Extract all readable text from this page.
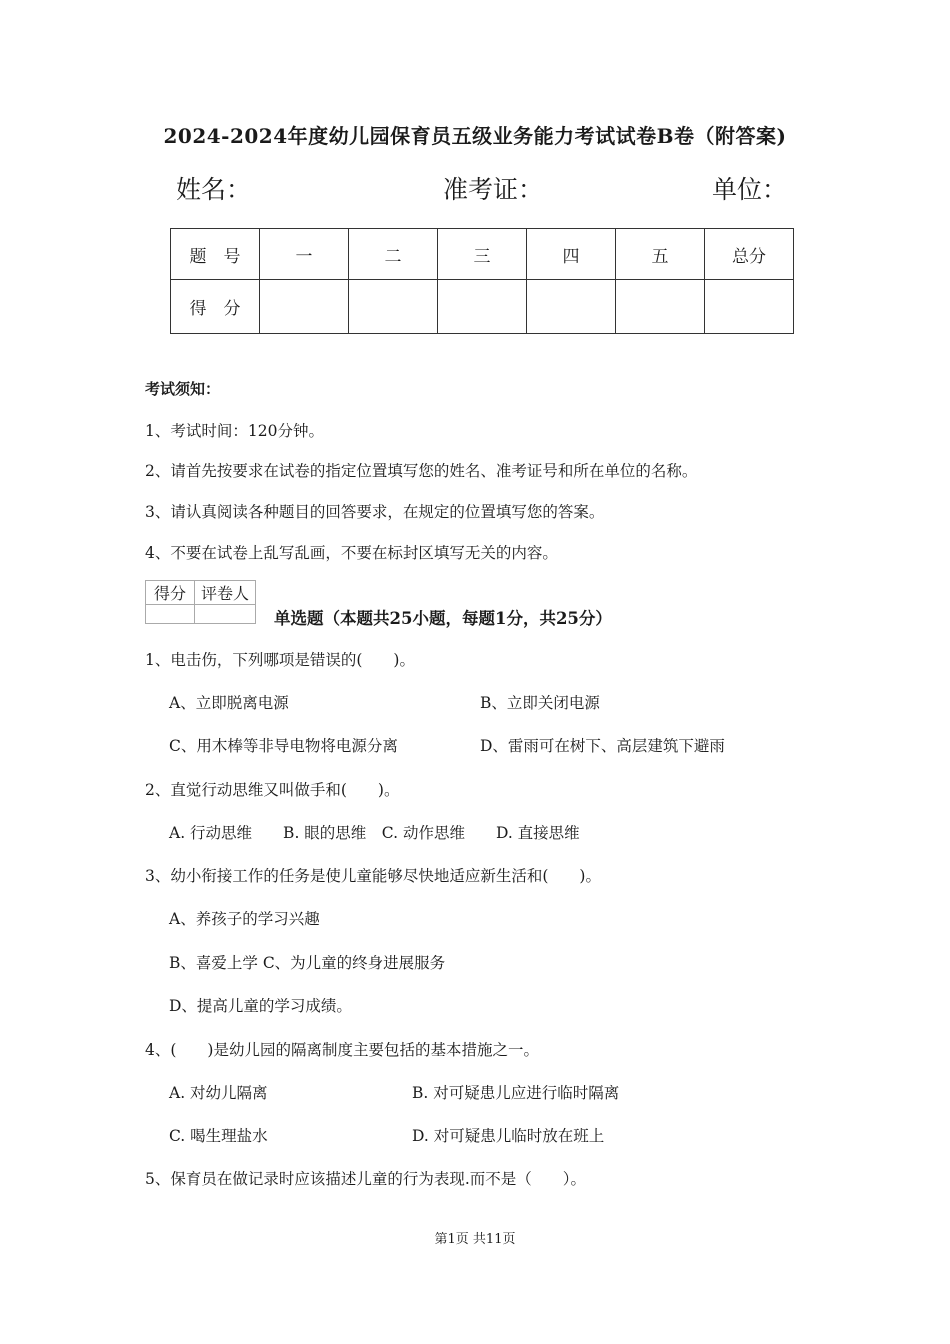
2024-2024年度幼儿园保育员五级业务能力考试试卷B卷（附答案)
姓名：	准考证：	单位：
题　号	一	二	三	四	五	总分
得　分						
考试须知：
1、考试时间：120分钟。
2、请首先按要求在试卷的指定位置填写您的姓名、准考证号和所在单位的名称。
3、请认真阅读各种题目的回答要求，在规定的位置填写您的答案。
4、不要在试卷上乱写乱画，不要在标封区填写无关的内容。
得分	评卷人

单选题（本题共25小题，每题1分，共25分）
1、电击伤，下列哪项是错误的(　　)。
A、立即脱离电源	B、立即关闭电源
C、用木棒等非导电物将电源分离	D、雷雨可在树下、高层建筑下避雨
2、直觉行动思维又叫做手和(　　)。
A. 行动思维　　B. 眼的思维　C. 动作思维　　D. 直接思维
3、幼小衔接工作的任务是使儿童能够尽快地适应新生活和(　　)。
A、养孩子的学习兴趣
B、喜爱上学 C、为儿童的终身进展服务
D、提高儿童的学习成绩。
4、(　　)是幼儿园的隔离制度主要包括的基本措施之一。
A. 对幼儿隔离	B. 对可疑患儿应进行临时隔离
C. 喝生理盐水	D. 对可疑患儿临时放在班上
5、保育员在做记录时应该描述儿童的行为表现.而不是（　　）。
第1页 共11页
